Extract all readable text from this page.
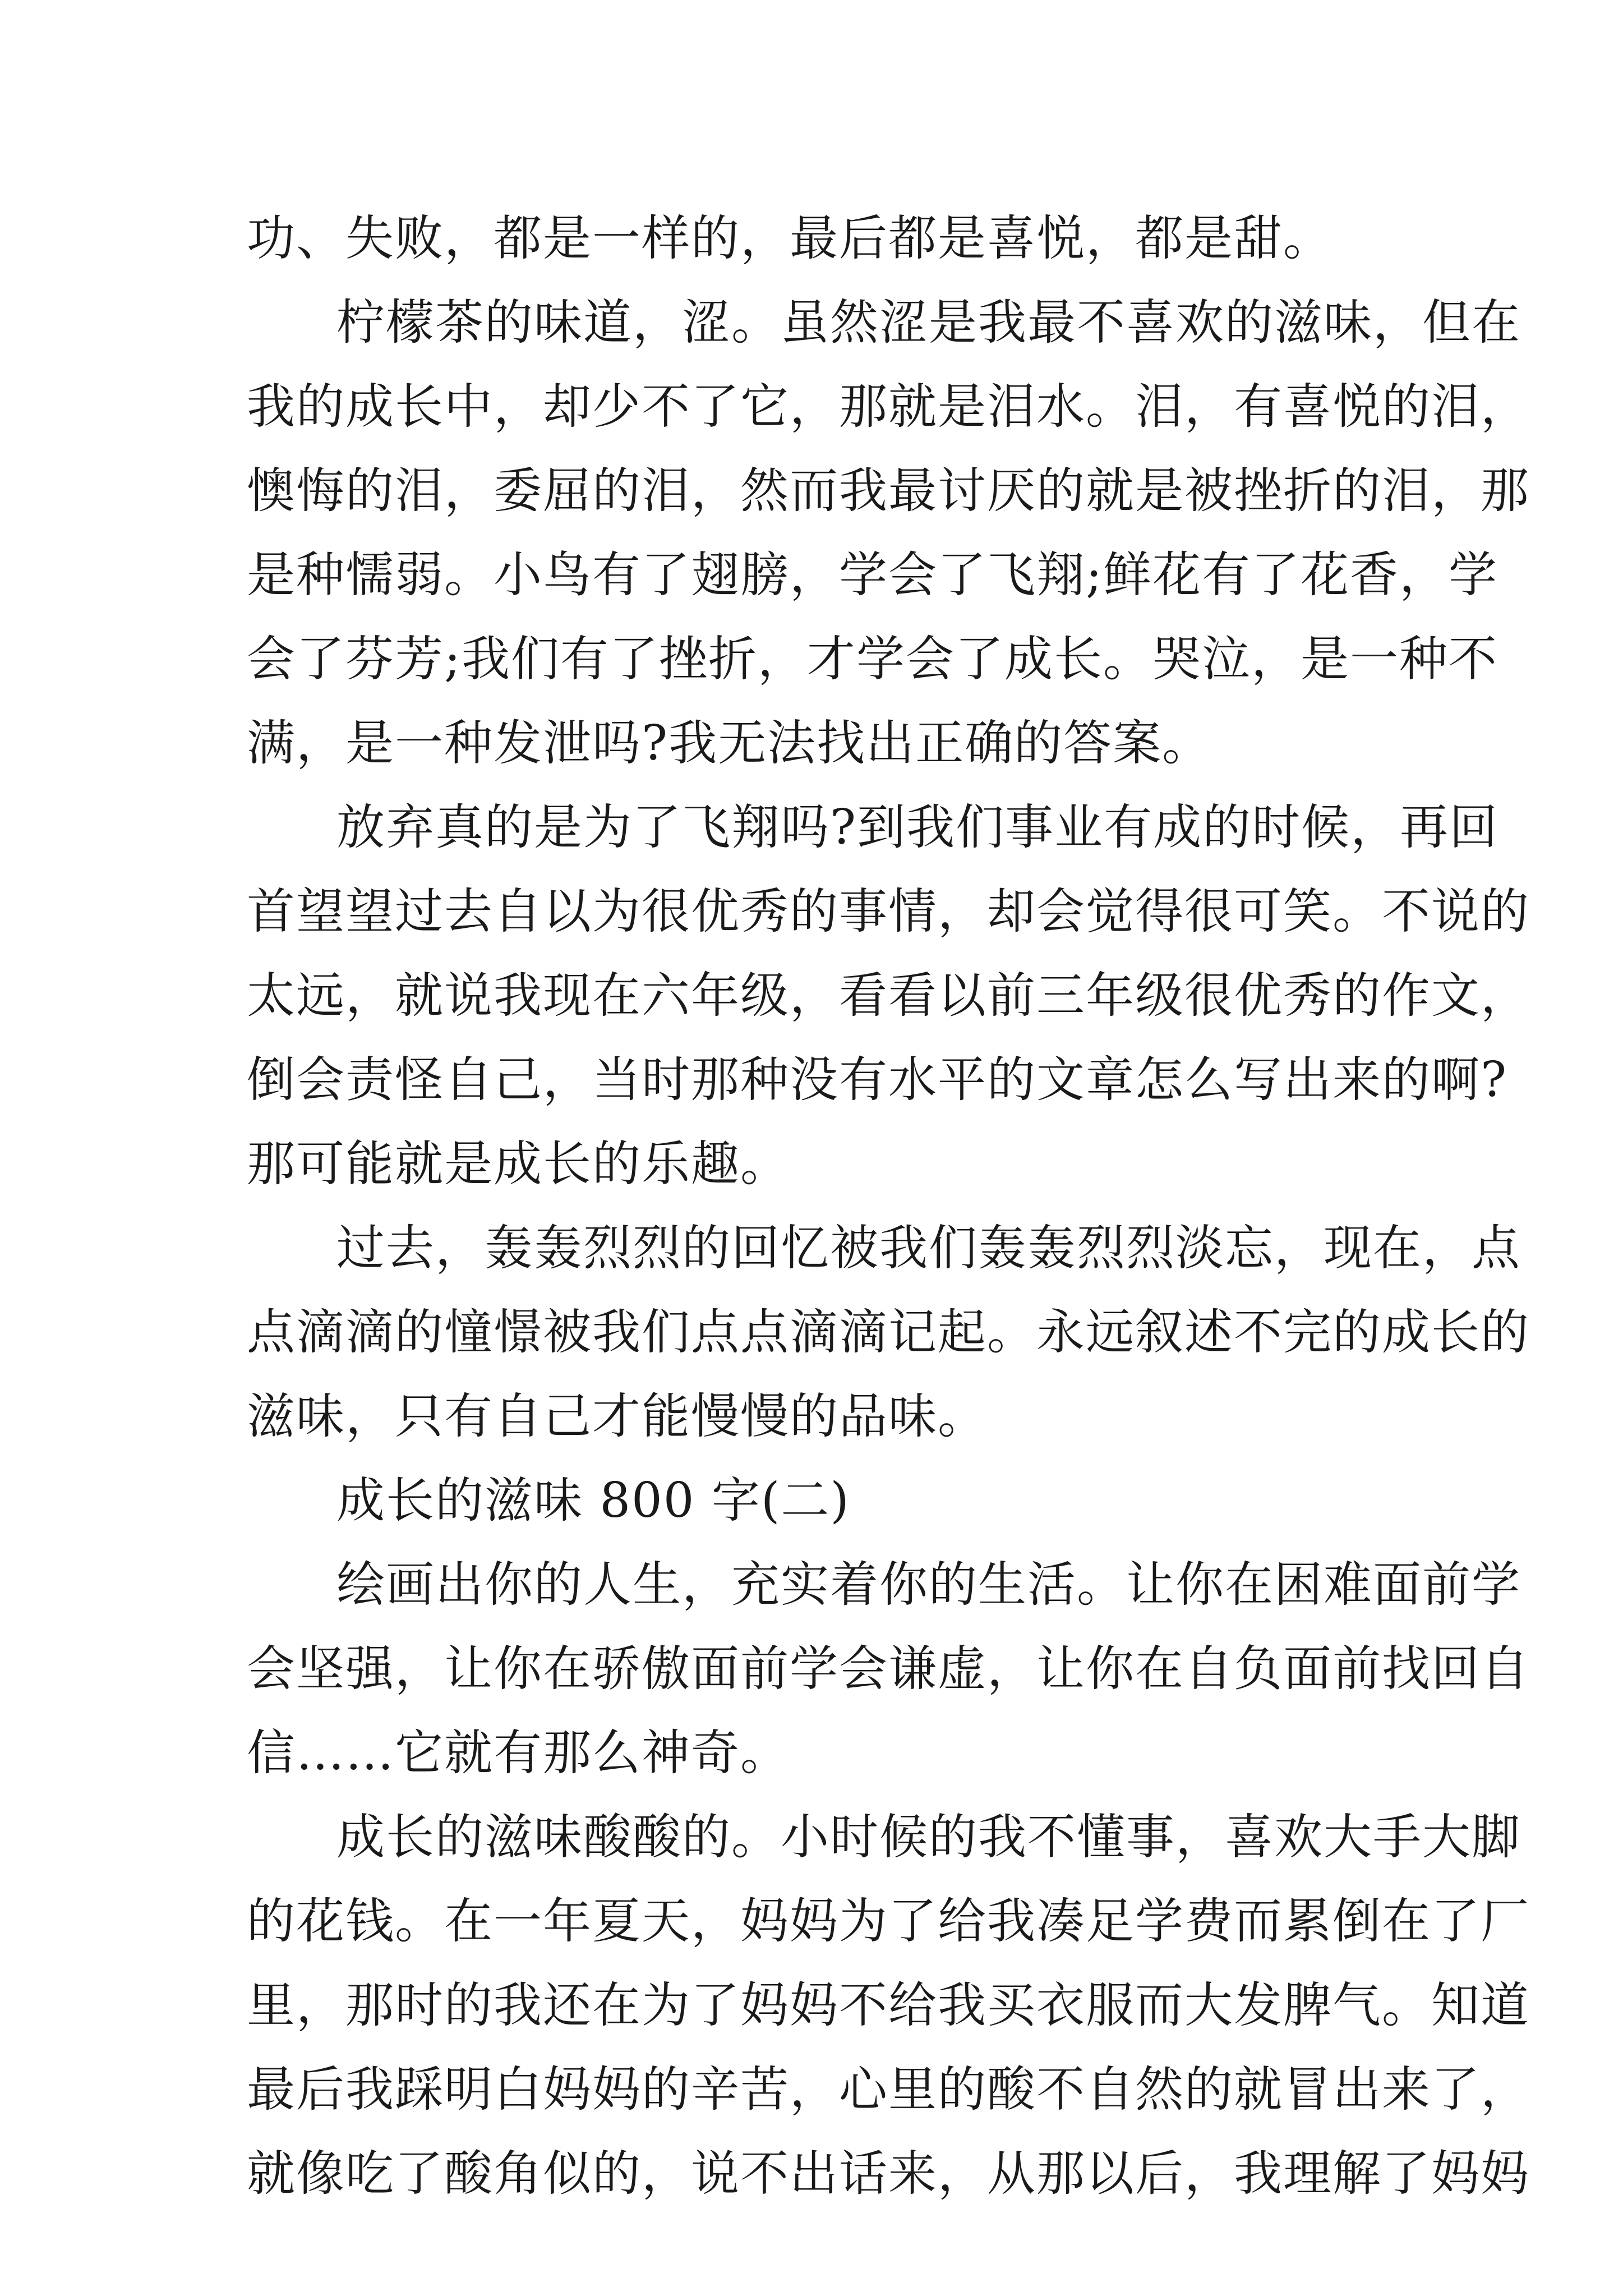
功、失败，都是一样的，最后都是喜悦，都是甜。
柠檬茶的味道，涩。虽然涩是我最不喜欢的滋味，但在
我的成长中，却少不了它，那就是泪水。泪，有喜悦的泪，
懊悔的泪，委屈的泪，然而我最讨厌的就是被挫折的泪，那
是种懦弱。小鸟有了翅膀，学会了飞翔;鲜花有了花香，学
会了芬芳;我们有了挫折，才学会了成长。哭泣，是一种不
满，是一种发泄吗?我无法找出正确的答案。
放弃真的是为了飞翔吗?到我们事业有成的时候，再回
首望望过去自以为很优秀的事情，却会觉得很可笑。不说的
太远，就说我现在六年级，看看以前三年级很优秀的作文，
倒会责怪自己，当时那种没有水平的文章怎么写出来的啊?
那可能就是成长的乐趣。
过去，轰轰烈烈的回忆被我们轰轰烈烈淡忘，现在，点
点滴滴的憧憬被我们点点滴滴记起。永远叙述不完的成长的
滋味，只有自己才能慢慢的品味。
成长的滋味 800 字(二)
绘画出你的人生，充实着你的生活。让你在困难面前学
会坚强，让你在骄傲面前学会谦虚，让你在自负面前找回自
信……它就有那么神奇。
成长的滋味酸酸的。小时候的我不懂事，喜欢大手大脚
的花钱。在一年夏天，妈妈为了给我凑足学费而累倒在了厂
里，那时的我还在为了妈妈不给我买衣服而大发脾气。知道
最后我踩明白妈妈的辛苦，心里的酸不自然的就冒出来了，
就像吃了酸角似的，说不出话来，从那以后，我理解了妈妈
